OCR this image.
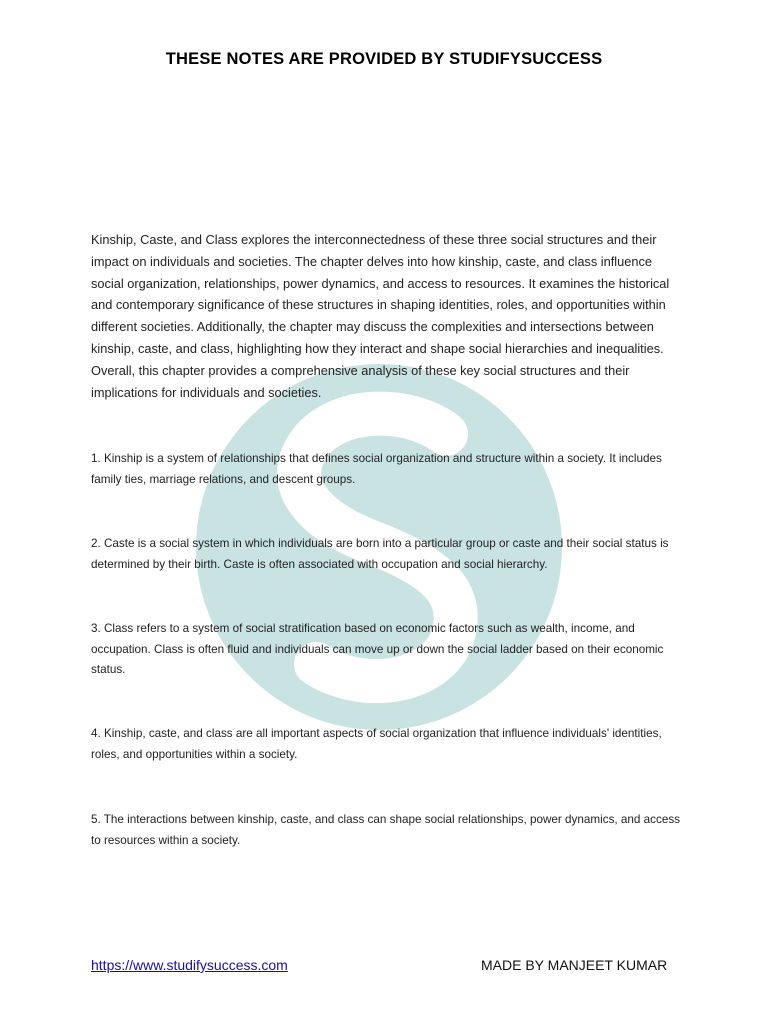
THESE NOTES ARE PROVIDED BY STUDIFYSUCCESS

Kinship, Caste, and Class explores the interconnectedness of these three social structures and their impact on individuals and societies. The chapter delves into how kinship, caste, and class influence social organization, relationships, power dynamics, and access to resources. It examines the historical and contemporary significance of these structures in shaping identities, roles, and opportunities within different societies. Additionally, the chapter may discuss the complexities and intersections between kinship, caste, and class, highlighting how they interact and shape social hierarchies and inequalities. Overall, this chapter provides a comprehensive analysis of these key social structures and their implications for individuals and societies.

1. Kinship is a system of relationships that defines social organization and structure within a society. It includes family ties, marriage relations, and descent groups.

2. Caste is a social system in which individuals are born into a particular group or caste and their social status is determined by their birth. Caste is often associated with occupation and social hierarchy.

3. Class refers to a system of social stratification based on economic factors such as wealth, income, and occupation. Class is often fluid and individuals can move up or down the social ladder based on their economic status.

4. Kinship, caste, and class are all important aspects of social organization that influence individuals' identities, roles, and opportunities within a society.

5. The interactions between kinship, caste, and class can shape social relationships, power dynamics, and access to resources within a society.

https://www.studifysuccess.com	MADE BY MANJEET KUMAR
